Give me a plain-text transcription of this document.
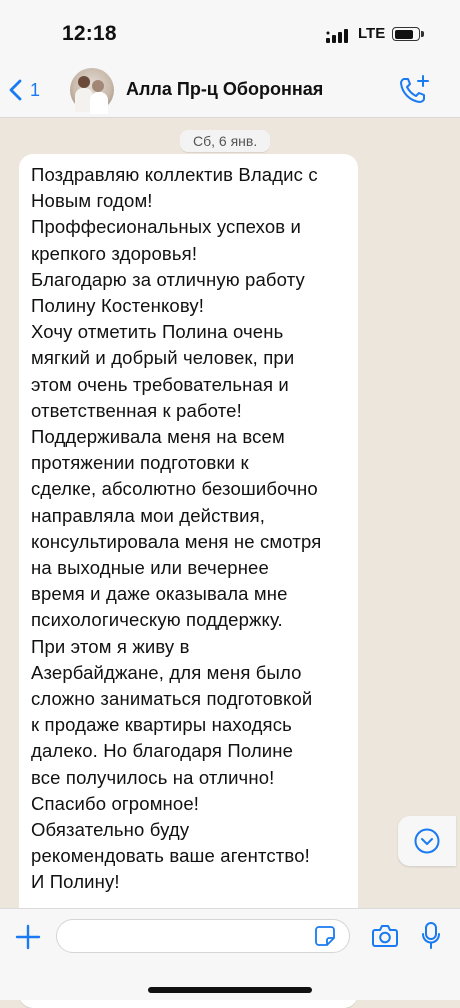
12:18	LTE
1	Алла Пр-ц Оборонная
Сб, 6 янв.
Поздравляю коллектив Владис с
Новым годом!
Проффесиональных успехов и
крепкого здоровья!
Благодарю за отличную работу
Полину Костенкову!
Хочу отметить Полина очень
мягкий и добрый человек, при
этом очень требовательная и
ответственная к работе!
Поддерживала меня на всем
протяжении подготовки к
сделке, абсолютно безошибочно
направляла мои действия,
консультировала меня не смотря
на выходные или вечернее
время и даже оказывала мне
психологическую поддержку.
При этом я живу в
Азербайджане, для меня было
сложно заниматься подготовкой
к продаже квартиры находясь
далеко. Но благодаря Полине
все получилось на отлично!
Спасибо огромное!
Обязательно буду
рекомендовать ваше агентство!
И Полину!
